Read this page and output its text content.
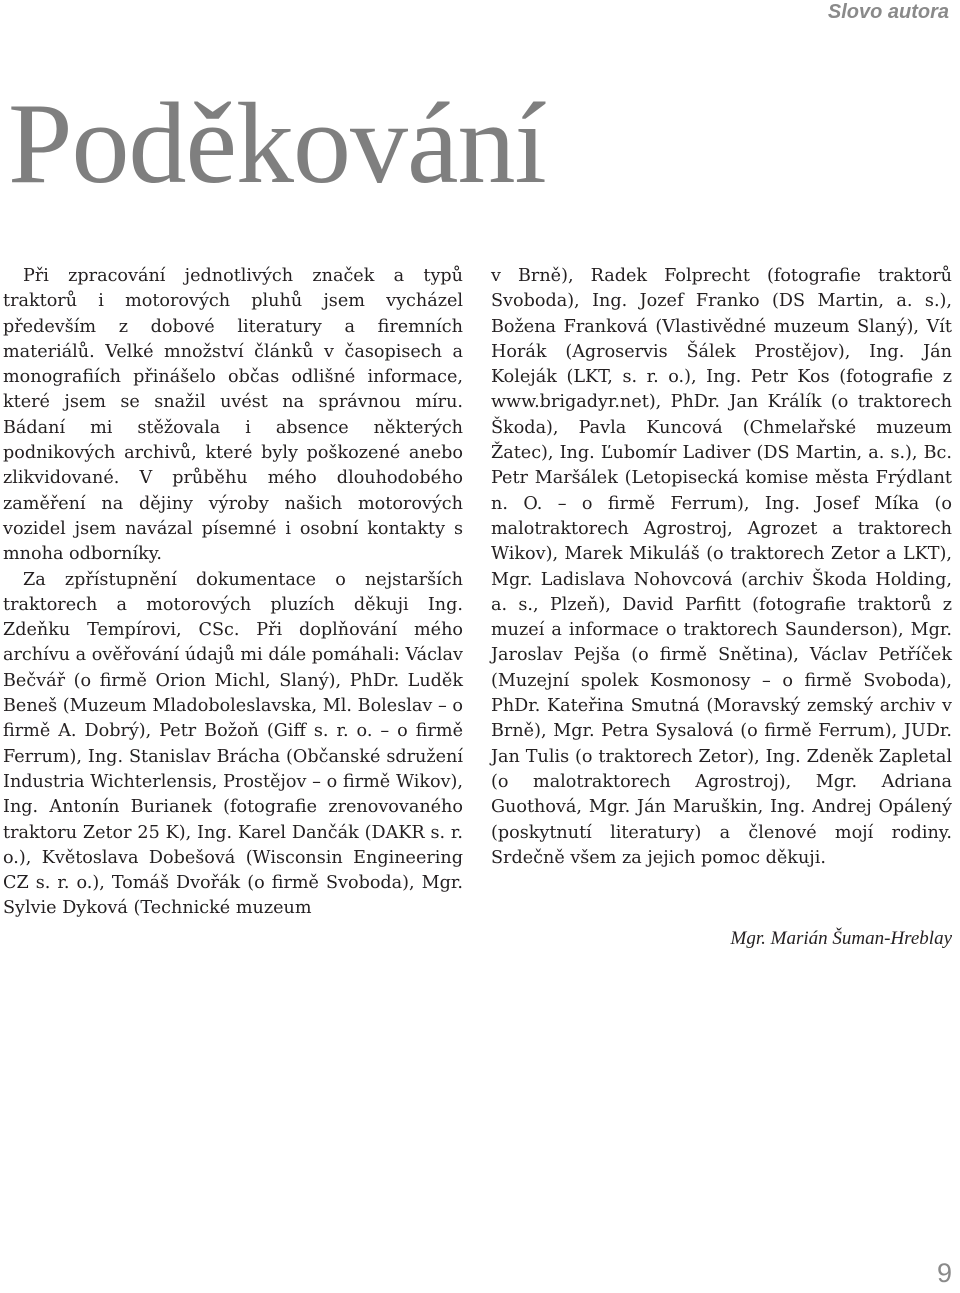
Slovo autora
Poděkování

Při zpracování jednotlivých značek a typů traktorů i motorových pluhů jsem vycházel především z dobové literatury a firemních materiálů. Velké množství článků v časopisech a monografiích přinášelo občas odlišné informace, které jsem se snažil uvést na správnou míru. Bádaní mi stěžovala i absence některých podnikových archivů, které byly poškozené anebo zlikvidované. V průběhu mého dlouhodobého zaměření na dějiny výroby našich motorových vozidel jsem navázal písemné i osobní kontakty s mnoha odborníky.

Za zpřístupnění dokumentace o nejstarších traktorech a motorových pluzích děkuji Ing. Zdeňku Tempírovi, CSc. Při doplňování mého archívu a ověřování údajů mi dále pomáhali: Václav Bečvář (o firmě Orion Michl, Slaný), PhDr. Luděk Beneš (Muzeum Mladoboleslavska, Ml. Boleslav – o firmě A. Dobrý), Petr Božoň (Giff s. r. o. – o firmě Ferrum), Ing. Stanislav Brácha (Občanské sdružení Industria Wichterlensis, Prostějov – o firmě Wikov), Ing. Antonín Burianek (fotografie zrenovovaného traktoru Zetor 25 K), Ing. Karel Dančák (DAKR s. r. o.), Květoslava Dobešová (Wisconsin Engineering CZ s. r. o.), Tomáš Dvořák (o firmě Svoboda), Mgr. Sylvie Dyková (Technické muzeum

v Brně), Radek Folprecht (fotografie traktorů Svoboda), Ing. Jozef Franko (DS Martin, a. s.), Božena Franková (Vlastivědné muzeum Slaný), Vít Horák (Agroservis Šálek Prostějov), Ing. Ján Koleják (LKT, s. r. o.), Ing. Petr Kos (fotografie z www.brigadyr.net), PhDr. Jan Králík (o traktorech Škoda), Pavla Kuncová (Chmelařské muzeum Žatec), Ing. Ľubomír Ladiver (DS Martin, a. s.), Bc. Petr Maršálek (Letopisecká komise města Frýdlant n. O. – o firmě Ferrum), Ing. Josef Míka (o malotraktorech Agrostroj, Agrozet a traktorech Wikov), Marek Mikuláš (o traktorech Zetor a LKT), Mgr. Ladislava Nohovcová (archiv Škoda Holding, a. s., Plzeň), David Parfitt (fotografie traktorů z muzeí a informace o traktorech Saunderson), Mgr. Jaroslav Pejša (o firmě Snětina), Václav Petříček (Muzejní spolek Kosmonosy – o firmě Svoboda), PhDr. Kateřina Smutná (Moravský zemský archiv v Brně), Mgr. Petra Sysalová (o firmě Ferrum), JUDr. Jan Tulis (o traktorech Zetor), Ing. Zdeněk Zapletal (o malotraktorech Agrostroj), Mgr. Adriana Guothová, Mgr. Ján Maruškin, Ing. Andrej Opálený (poskytnutí literatury) a členové mojí rodiny. Srdečně všem za jejich pomoc děkuji.

Mgr. Marián Šuman-Hreblay
9
